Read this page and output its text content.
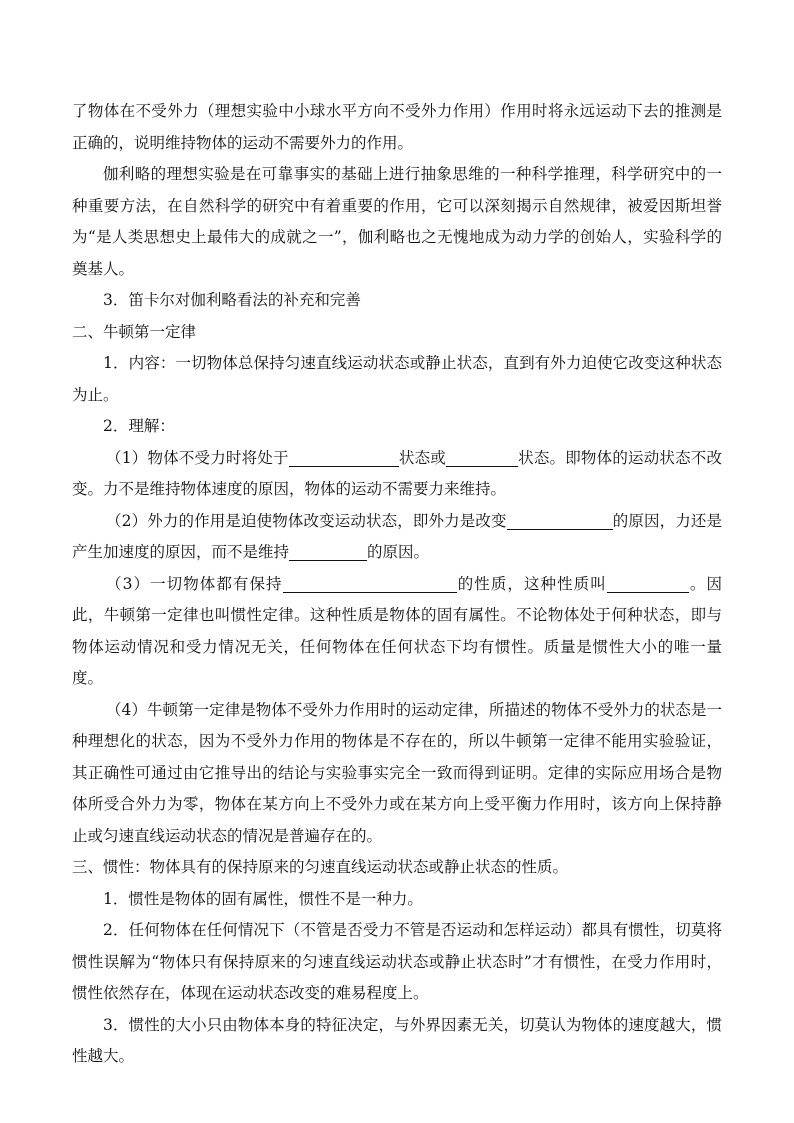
了物体在不受外力（理想实验中小球水平方向不受外力作用）作用时将永远运动下去的推测是正确的，说明维持物体的运动不需要外力的作用。

伽利略的理想实验是在可靠事实的基础上进行抽象思维的一种科学推理，科学研究中的一种重要方法，在自然科学的研究中有着重要的作用，它可以深刻揭示自然规律，被爱因斯坦誉为“是人类思想史上最伟大的成就之一”，伽利略也之无愧地成为动力学的创始人，实验科学的奠基人。

3．笛卡尔对伽利略看法的补充和完善

二、牛顿第一定律

1．内容：一切物体总保持匀速直线运动状态或静止状态，直到有外力迫使它改变这种状态为止。

2．理解：

（1）物体不受力时将处于	状态或	状态。即物体的运动状态不改变。力不是维持物体速度的原因，物体的运动不需要力来维持。

（2）外力的作用是迫使物体改变运动状态，即外力是改变	的原因，力还是产生加速度的原因，而不是维持	的原因。

（3）一切物体都有保持	的性质，这种性质叫	。因此，牛顿第一定律也叫惯性定律。这种性质是物体的固有属性。不论物体处于何种状态，即与物体运动情况和受力情况无关，任何物体在任何状态下均有惯性。质量是惯性大小的唯一量度。

（4）牛顿第一定律是物体不受外力作用时的运动定律，所描述的物体不受外力的状态是一种理想化的状态，因为不受外力作用的物体是不存在的，所以牛顿第一定律不能用实验验证，其正确性可通过由它推导出的结论与实验事实完全一致而得到证明。定律的实际应用场合是物体所受合外力为零，物体在某方向上不受外力或在某方向上受平衡力作用时，该方向上保持静止或匀速直线运动状态的情况是普遍存在的。

三、惯性：物体具有的保持原来的匀速直线运动状态或静止状态的性质。

1．惯性是物体的固有属性，惯性不是一种力。

2．任何物体在任何情况下（不管是否受力不管是否运动和怎样运动）都具有惯性，切莫将惯性误解为“物体只有保持原来的匀速直线运动状态或静止状态时”才有惯性，在受力作用时，惯性依然存在，体现在运动状态改变的难易程度上。

3．惯性的大小只由物体本身的特征决定，与外界因素无关，切莫认为物体的速度越大，惯性越大。
